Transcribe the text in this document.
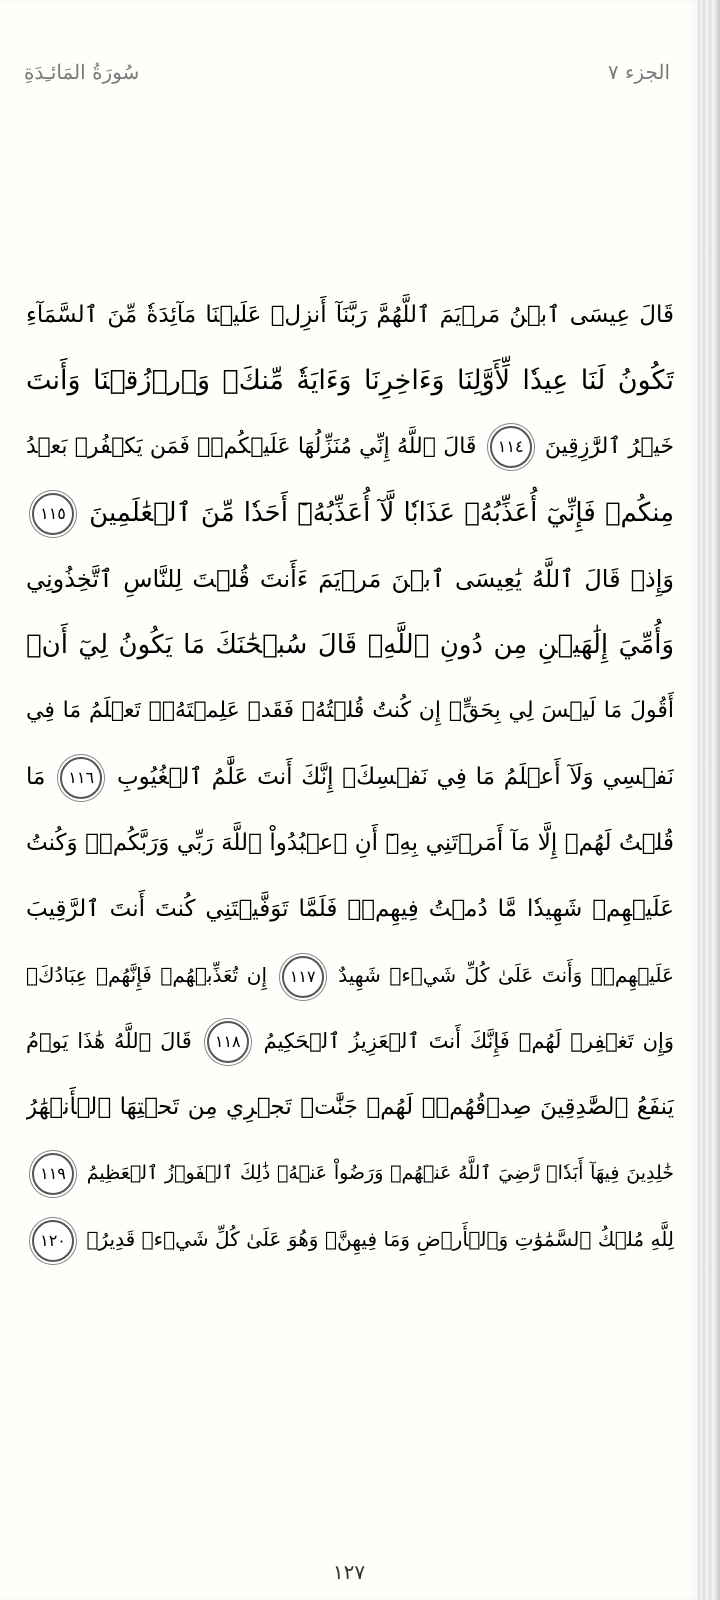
الجزء ٧
سُورَةُ المَائـِدَةِ
قَالَ عِيسَى ٱبۡنُ مَرۡيَمَ ٱللَّهُمَّ رَبَّنَآ أَنزِلۡ عَلَيۡنَا مَآئِدَةٗ مِّنَ ٱلسَّمَآءِ
تَكُونُ لَنَا عِيدٗا لِّأَوَّلِنَا وَءَاخِرِنَا وَءَايَةٗ مِّنكَۖ وَٱرۡزُقۡنَا وَأَنتَ
خَيۡرُ ٱلرَّٰزِقِينَ ١١٤ قَالَ ٱللَّهُ إِنِّي مُنَزِّلُهَا عَلَيۡكُمۡۖ فَمَن يَكۡفُرۡ بَعۡدُ
مِنكُمۡ فَإِنِّيٓ أُعَذِّبُهُۥ عَذَابٗا لَّآ أُعَذِّبُهُۥٓ أَحَدٗا مِّنَ ٱلۡعَٰلَمِينَ ١١٥
وَإِذۡ قَالَ ٱللَّهُ يَٰعِيسَى ٱبۡنَ مَرۡيَمَ ءَأَنتَ قُلۡتَ لِلنَّاسِ ٱتَّخِذُونِي
وَأُمِّيَ إِلَٰهَيۡنِ مِن دُونِ ٱللَّهِۖ قَالَ سُبۡحَٰنَكَ مَا يَكُونُ لِيٓ أَنۡ
أَقُولَ مَا لَيۡسَ لِي بِحَقٍّۚ إِن كُنتُ قُلۡتُهُۥ فَقَدۡ عَلِمۡتَهُۥۚ تَعۡلَمُ مَا فِي
نَفۡسِي وَلَآ أَعۡلَمُ مَا فِي نَفۡسِكَۚ إِنَّكَ أَنتَ عَلَّٰمُ ٱلۡغُيُوبِ ١١٦ مَا
قُلۡتُ لَهُمۡ إِلَّا مَآ أَمَرۡتَنِي بِهِۦٓ أَنِ ٱعۡبُدُواْ ٱللَّهَ رَبِّي وَرَبَّكُمۡۚ وَكُنتُ
عَلَيۡهِمۡ شَهِيدٗا مَّا دُمۡتُ فِيهِمۡۖ فَلَمَّا تَوَفَّيۡتَنِي كُنتَ أَنتَ ٱلرَّقِيبَ
عَلَيۡهِمۡۚ وَأَنتَ عَلَىٰ كُلِّ شَيۡءٖ شَهِيدٌ ١١٧ إِن تُعَذِّبۡهُمۡ فَإِنَّهُمۡ عِبَادُكَۖ
وَإِن تَغۡفِرۡ لَهُمۡ فَإِنَّكَ أَنتَ ٱلۡعَزِيزُ ٱلۡحَكِيمُ ١١٨ قَالَ ٱللَّهُ هَٰذَا يَوۡمُ
يَنفَعُ ٱلصَّٰدِقِينَ صِدۡقُهُمۡۚ لَهُمۡ جَنَّٰتٞ تَجۡرِي مِن تَحۡتِهَا ٱلۡأَنۡهَٰرُ
خَٰلِدِينَ فِيهَآ أَبَدٗاۖ رَّضِيَ ٱللَّهُ عَنۡهُمۡ وَرَضُواْ عَنۡهُۚ ذَٰلِكَ ٱلۡفَوۡزُ ٱلۡعَظِيمُ ١١٩
لِلَّهِ مُلۡكُ ٱلسَّمَٰوَٰتِ وَٱلۡأَرۡضِ وَمَا فِيهِنَّۚ وَهُوَ عَلَىٰ كُلِّ شَيۡءٖ قَدِيرُۢ ١٢٠
١٢٧
